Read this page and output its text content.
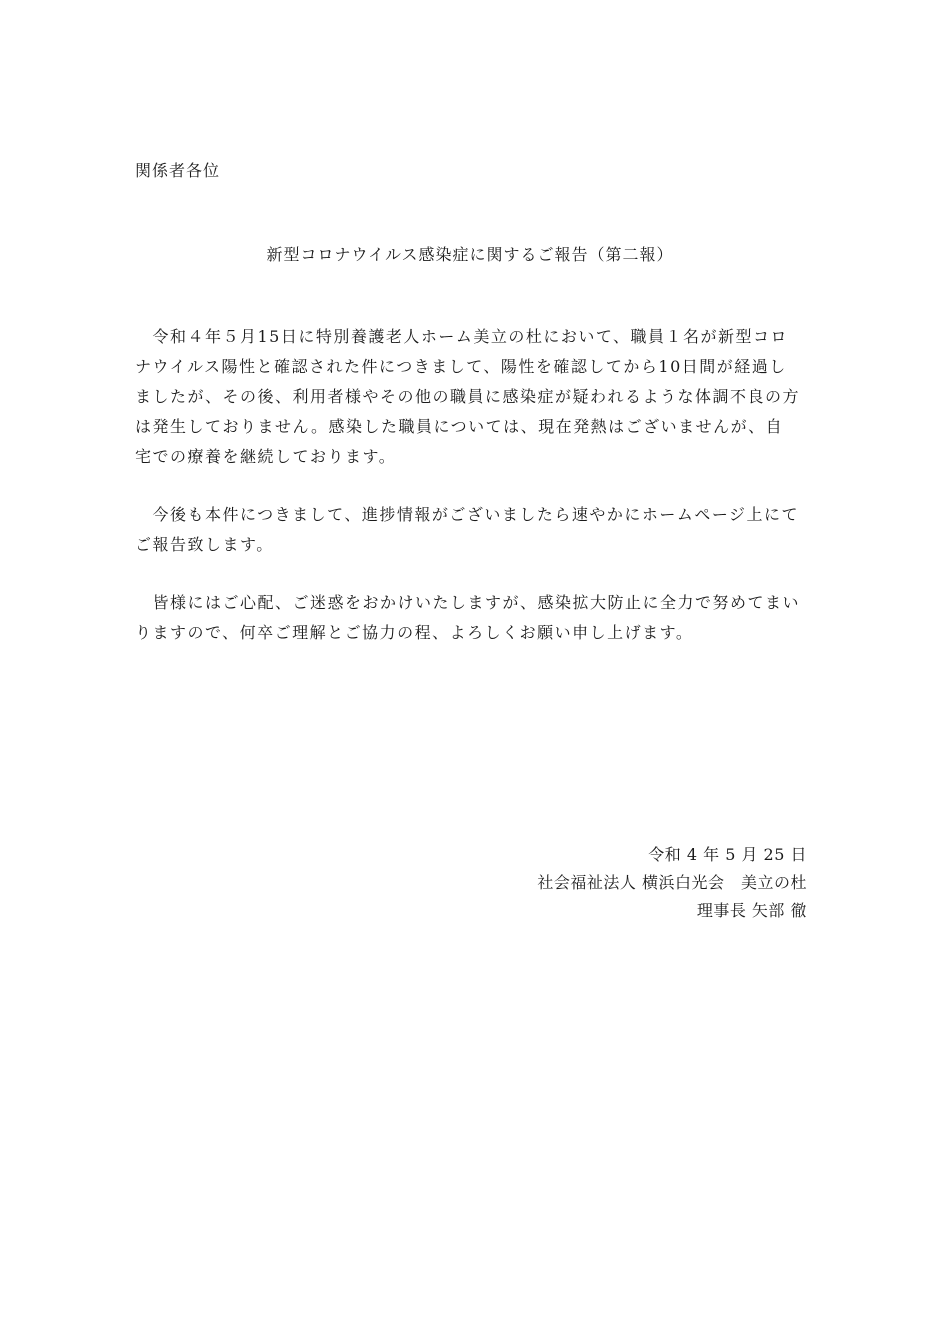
関係者各位
新型コロナウイルス感染症に関するご報告（第二報）

　令和４年５月15日に特別養護老人ホーム美立の杜において、職員１名が新型コロナウイルス陽性と確認された件につきまして、陽性を確認してから10日間が経過しましたが、その後、利用者様やその他の職員に感染症が疑われるような体調不良の方は発生しておりません。感染した職員については、現在発熱はございませんが、自宅での療養を継続しております。

　今後も本件につきまして、進捗情報がございましたら速やかにホームページ上にてご報告致します。

　皆様にはご心配、ご迷惑をおかけいたしますが、感染拡大防止に全力で努めてまいりますので、何卒ご理解とご協力の程、よろしくお願い申し上げます。

令和 4 年 5 月 25 日
社会福祉法人 横浜白光会　美立の杜
理事長 矢部 徹
